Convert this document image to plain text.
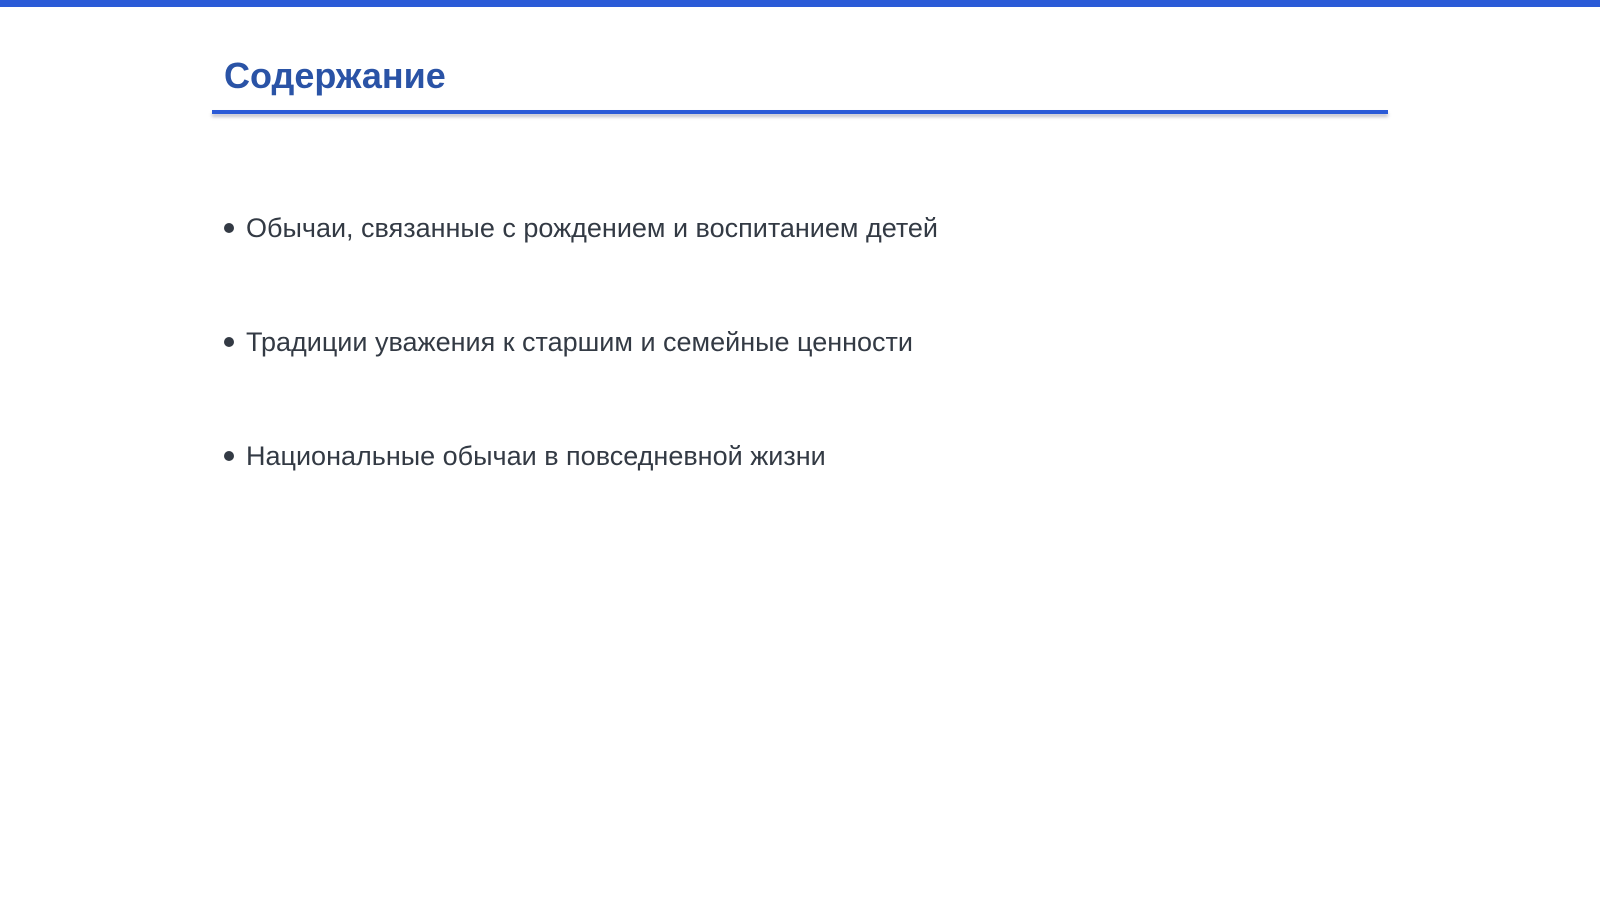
Содержание
Обычаи, связанные с рождением и воспитанием детей
Традиции уважения к старшим и семейные ценности
Национальные обычаи в повседневной жизни
